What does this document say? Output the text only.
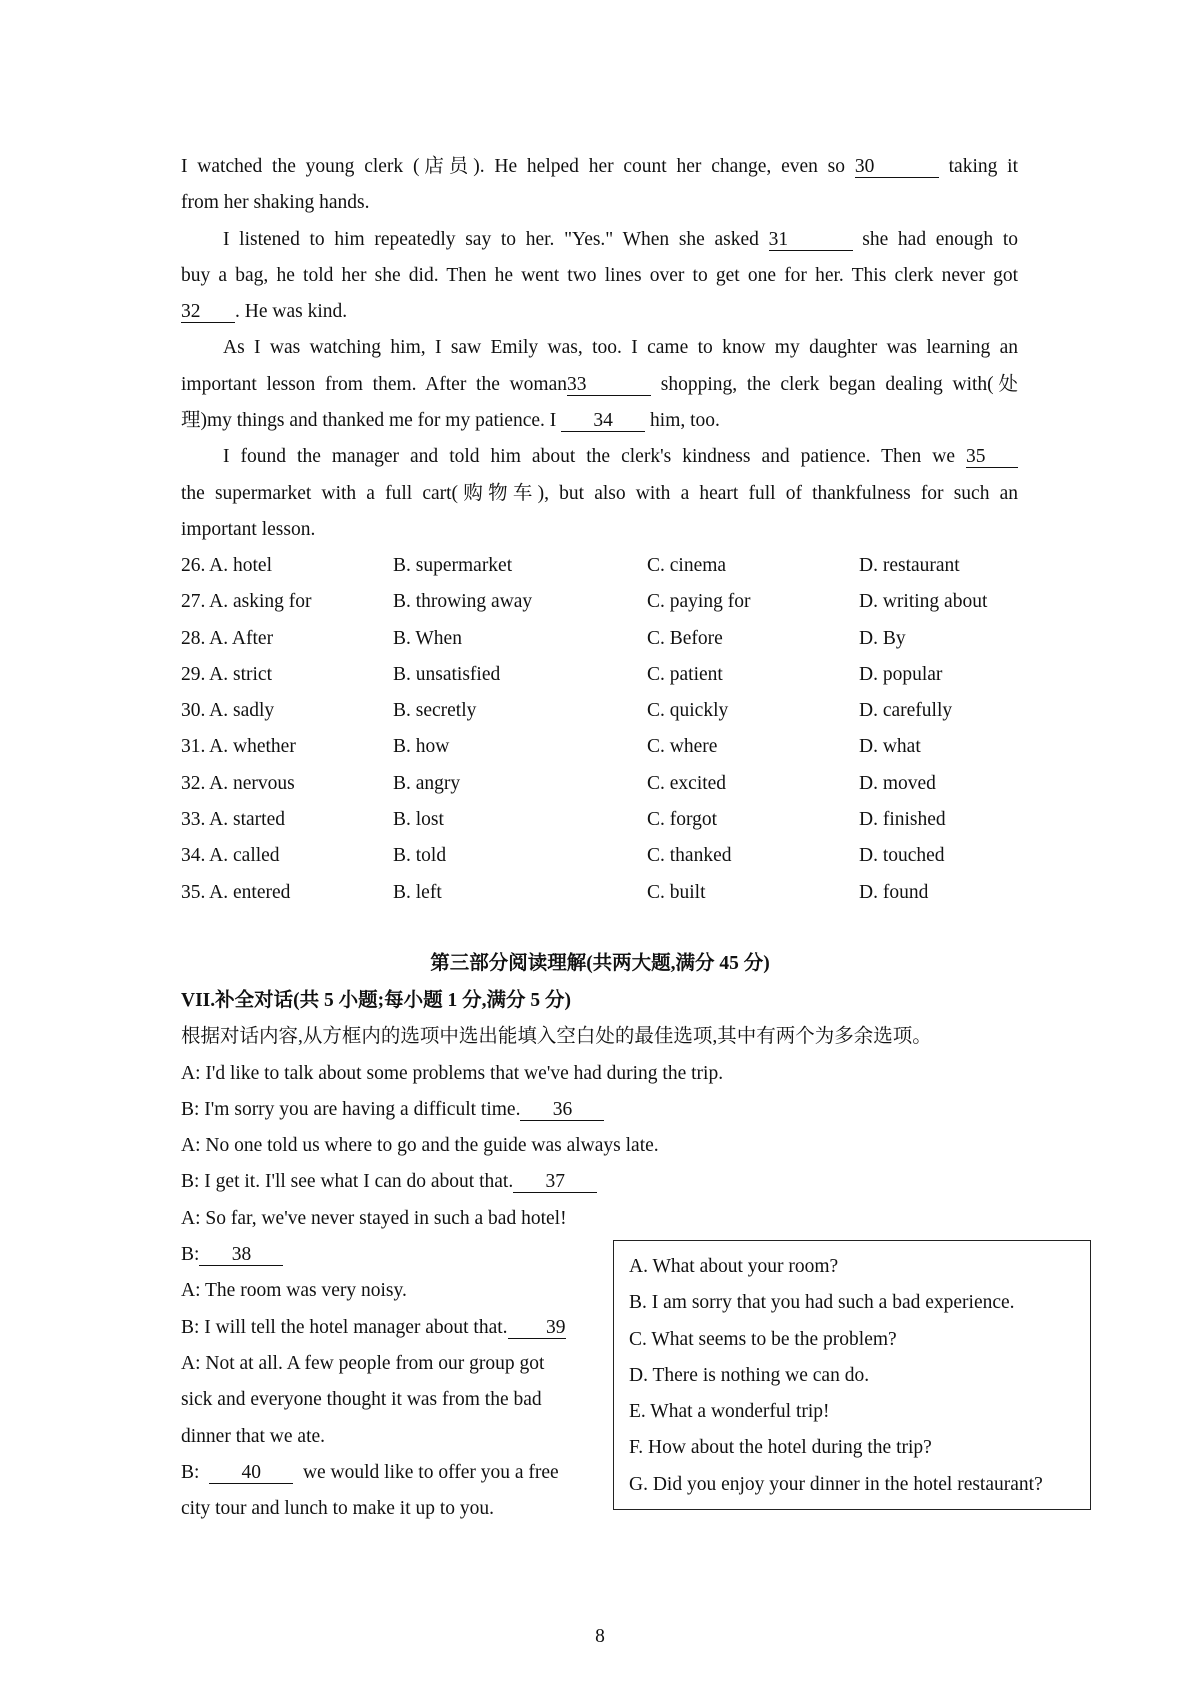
I watched the young clerk (店员). He helped her count her change, even so 30	taking it
from her shaking hands.
I listened to him repeatedly say to her. "Yes." When she asked 31	she had enough to
buy a bag, he told her she did. Then he went two lines over to get one for her. This clerk never got
32 . He was kind.
As I was watching him, I saw Emily was, too. I came to know my daughter was learning an
important lesson from them. After the woman33	shopping, the clerk began dealing with(处
理)my things and thanked me for my patience. I 34 him, too.
I found the manager and told him about the clerk's kindness and patience. Then we 35
the supermarket with a full cart(购物车), but also with a heart full of thankfulness for such an
important lesson.
26. A. hotel	B. supermarket	C. cinema	D. restaurant
27. A. asking for	B. throwing away	C. paying for	D. writing about
28. A. After	B. When	C. Before	D. By
29. A. strict	B. unsatisfied	C. patient	D. popular
30. A. sadly	B. secretly	C. quickly	D. carefully
31. A. whether	B. how	C. where	D. what
32. A. nervous	B. angry	C. excited	D. moved
33. A. started	B. lost	C. forgot	D. finished
34. A. called	B. told	C. thanked	D. touched
35. A. entered	B. left	C. built	D. found
第三部分阅读理解(共两大题,满分 45 分)
VII.补全对话(共 5 小题;每小题 1 分,满分 5 分)
根据对话内容,从方框内的选项中选出能填入空白处的最佳选项,其中有两个为多余选项。
A: I'd like to talk about some problems that we've had during the trip.
B: I'm sorry you are having a difficult time. 36
A: No one told us where to go and the guide was always late.
B: I get it. I'll see what I can do about that. 37
A: So far, we've never stayed in such a bad hotel!
B: 38
A: The room was very noisy.
B: I will tell the hotel manager about that. 39
A: Not at all. A few people from our group got
sick and everyone thought it was from the bad
dinner that we ate.
B: 40 we would like to offer you a free
city tour and lunch to make it up to you.
A. What about your room?
B. I am sorry that you had such a bad experience.
C. What seems to be the problem?
D. There is nothing we can do.
E. What a wonderful trip!
F. How about the hotel during the trip?
G. Did you enjoy your dinner in the hotel restaurant?
8
